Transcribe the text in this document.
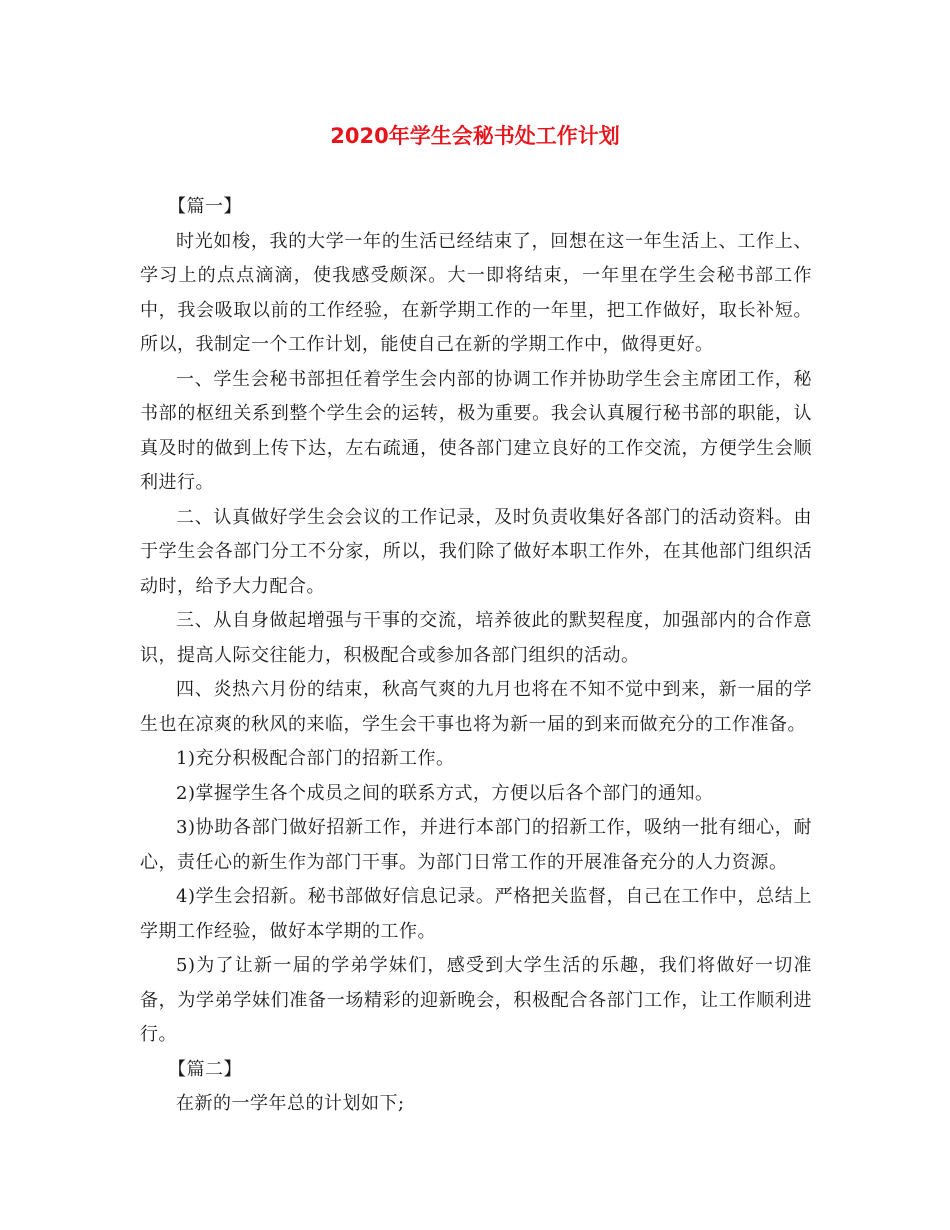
2020年学生会秘书处工作计划

【篇一】

时光如梭，我的大学一年的生活已经结束了，回想在这一年生活上、工作上、学习上的点点滴滴，使我感受颇深。大一即将结束，一年里在学生会秘书部工作中，我会吸取以前的工作经验，在新学期工作的一年里，把工作做好，取长补短。所以，我制定一个工作计划，能使自己在新的学期工作中，做得更好。

一、学生会秘书部担任着学生会内部的协调工作并协助学生会主席团工作，秘书部的枢纽关系到整个学生会的运转，极为重要。我会认真履行秘书部的职能，认真及时的做到上传下达，左右疏通，使各部门建立良好的工作交流，方便学生会顺利进行。

二、认真做好学生会会议的工作记录，及时负责收集好各部门的活动资料。由于学生会各部门分工不分家，所以，我们除了做好本职工作外，在其他部门组织活动时，给予大力配合。

三、从自身做起增强与干事的交流，培养彼此的默契程度，加强部内的合作意识，提高人际交往能力，积极配合或参加各部门组织的活动。

四、炎热六月份的结束，秋高气爽的九月也将在不知不觉中到来，新一届的学生也在凉爽的秋风的来临，学生会干事也将为新一届的到来而做充分的工作准备。

1)充分积极配合部门的招新工作。

2)掌握学生各个成员之间的联系方式，方便以后各个部门的通知。

3)协助各部门做好招新工作，并进行本部门的招新工作，吸纳一批有细心，耐心，责任心的新生作为部门干事。为部门日常工作的开展准备充分的人力资源。

4)学生会招新。秘书部做好信息记录。严格把关监督，自己在工作中，总结上学期工作经验，做好本学期的工作。

5)为了让新一届的学弟学妹们，感受到大学生活的乐趣，我们将做好一切准备，为学弟学妹们准备一场精彩的迎新晚会，积极配合各部门工作，让工作顺利进行。

【篇二】

在新的一学年总的计划如下;
